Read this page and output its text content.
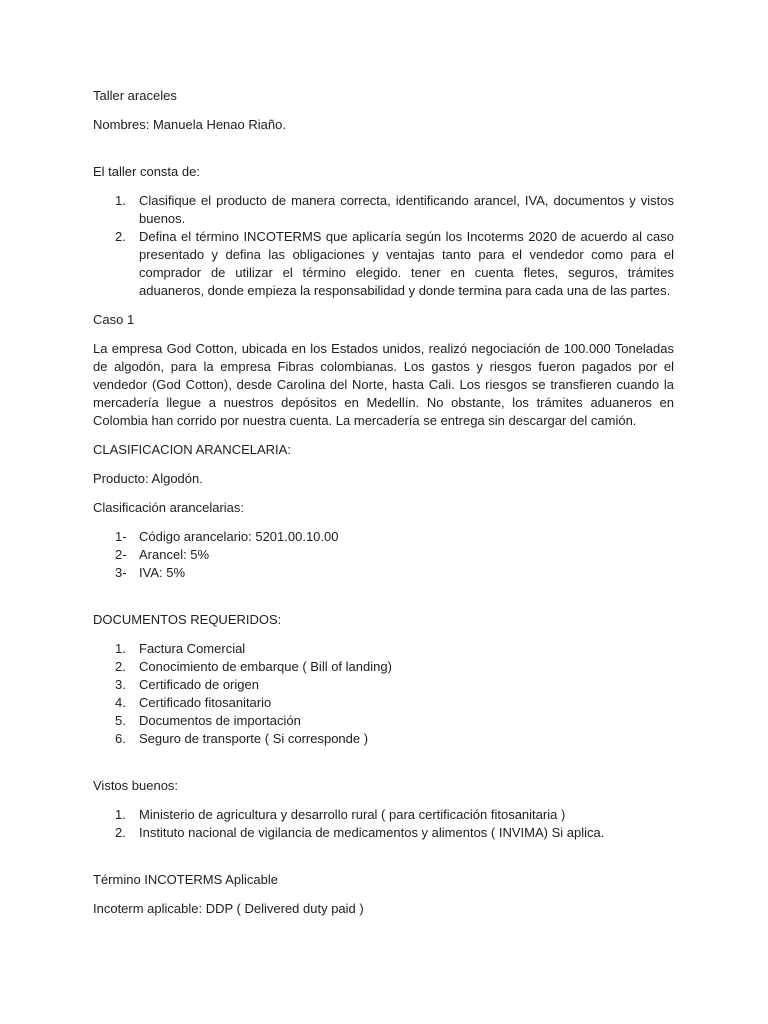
Taller araceles

Nombres: Manuela Henao Riaño.

El taller consta de:

1. Clasifique el producto de manera correcta, identificando arancel, IVA, documentos y vistos buenos.
2. Defina el término INCOTERMS que aplicaría según los Incoterms 2020 de acuerdo al caso presentado y defina las obligaciones y ventajas tanto para el vendedor como para el comprador de utilizar el término elegido. tener en cuenta fletes, seguros, trámites aduaneros, donde empieza la responsabilidad y donde termina para cada una de las partes.

Caso 1

La empresa God Cotton, ubicada en los Estados unidos, realizó negociación de 100.000 Toneladas de algodón, para la empresa Fibras colombianas. Los gastos y riesgos fueron pagados por el vendedor (God Cotton), desde Carolina del Norte, hasta Cali. Los riesgos se transfieren cuando la mercadería llegue a nuestros depósitos en Medellín. No obstante, los trámites aduaneros en Colombia han corrido por nuestra cuenta. La mercadería se entrega sin descargar del camión.

CLASIFICACION ARANCELARIA:

Producto: Algodón.

Clasificación arancelarias:

1- Código arancelario: 5201.00.10.00
2- Arancel: 5%
3- IVA: 5%

DOCUMENTOS REQUERIDOS:

1. Factura Comercial
2. Conocimiento de embarque ( Bill of landing)
3. Certificado de origen
4. Certificado fitosanitario
5. Documentos de importación
6. Seguro de transporte ( Si corresponde )

Vistos buenos:

1. Ministerio de agricultura y desarrollo rural ( para certificación fitosanitaria )
2. Instituto nacional de vigilancia de medicamentos y alimentos ( INVIMA) Si aplica.

Término INCOTERMS Aplicable

Incoterm aplicable: DDP ( Delivered duty paid )
